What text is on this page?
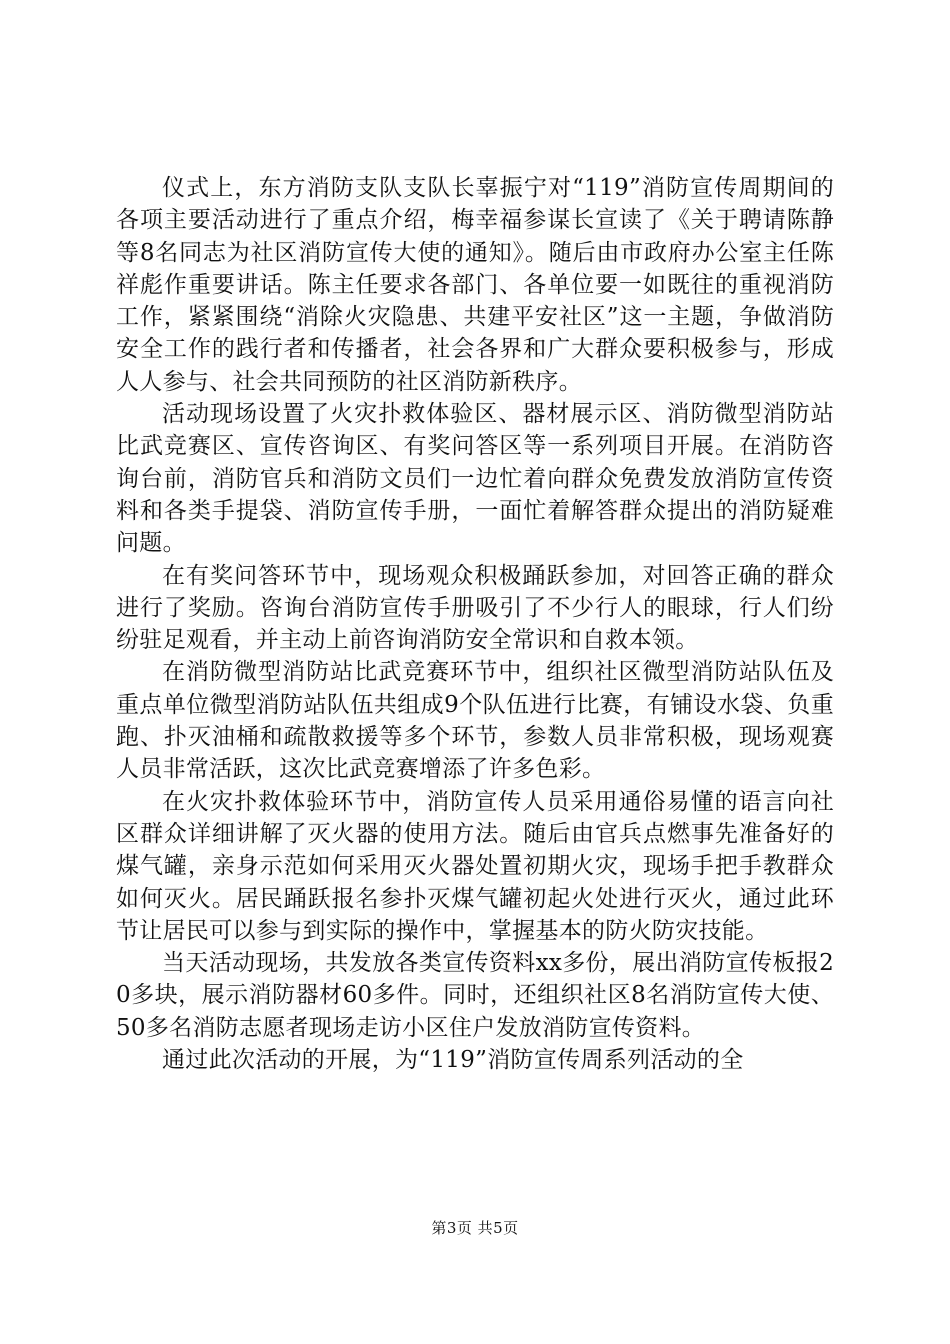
仪式上，东方消防支队支队长辜振宁对“119”消防宣传周期间的各项主要活动进行了重点介绍，梅幸福参谋长宣读了《关于聘请陈静等8名同志为社区消防宣传大使的通知》。随后由市政府办公室主任陈祥彪作重要讲话。陈主任要求各部门、各单位要一如既往的重视消防工作，紧紧围绕“消除火灾隐患、共建平安社区”这一主题，争做消防安全工作的践行者和传播者，社会各界和广大群众要积极参与，形成人人参与、社会共同预防的社区消防新秩序。

活动现场设置了火灾扑救体验区、器材展示区、消防微型消防站比武竞赛区、宣传咨询区、有奖问答区等一系列项目开展。在消防咨询台前，消防官兵和消防文员们一边忙着向群众免费发放消防宣传资料和各类手提袋、消防宣传手册，一面忙着解答群众提出的消防疑难问题。

在有奖问答环节中，现场观众积极踊跃参加，对回答正确的群众进行了奖励。咨询台消防宣传手册吸引了不少行人的眼球，行人们纷纷驻足观看，并主动上前咨询消防安全常识和自救本领。

在消防微型消防站比武竞赛环节中，组织社区微型消防站队伍及重点单位微型消防站队伍共组成9个队伍进行比赛，有铺设水袋、负重跑、扑灭油桶和疏散救援等多个环节，参数人员非常积极，现场观赛人员非常活跃，这次比武竞赛增添了许多色彩。

在火灾扑救体验环节中，消防宣传人员采用通俗易懂的语言向社区群众详细讲解了灭火器的使用方法。随后由官兵点燃事先准备好的煤气罐，亲身示范如何采用灭火器处置初期火灾，现场手把手教群众如何灭火。居民踊跃报名参扑灭煤气罐初起火处进行灭火，通过此环节让居民可以参与到实际的操作中，掌握基本的防火防灾技能。

当天活动现场，共发放各类宣传资料xx多份，展出消防宣传板报20多块，展示消防器材60多件。同时，还组织社区8名消防宣传大使、50多名消防志愿者现场走访小区住户发放消防宣传资料。

通过此次活动的开展，为“119”消防宣传周系列活动的全

第3页 共5页
